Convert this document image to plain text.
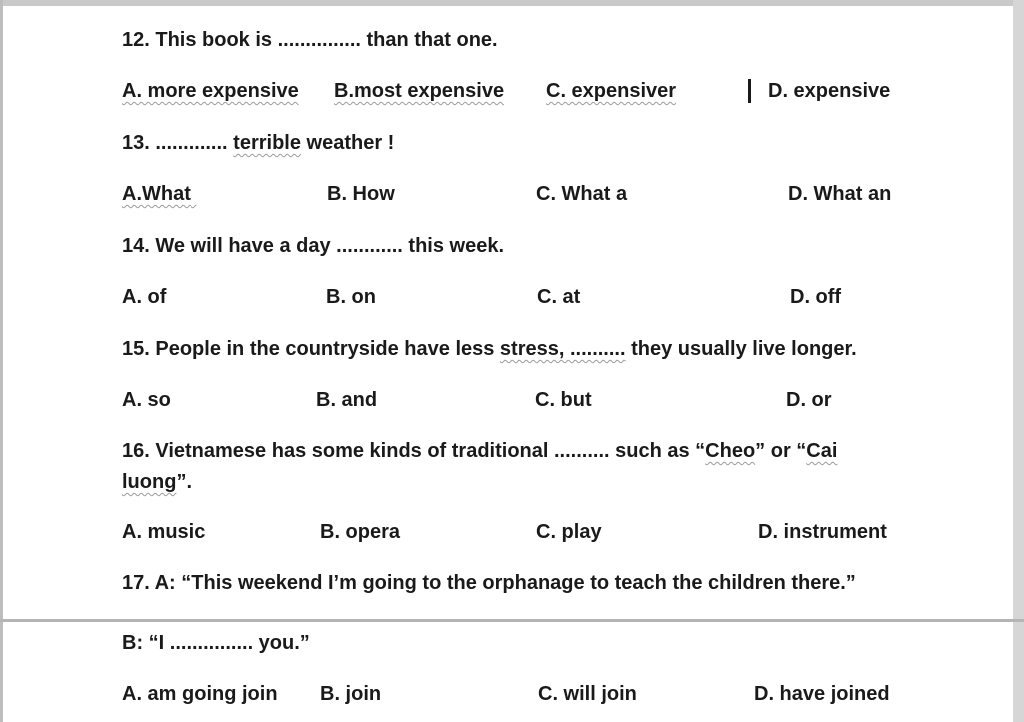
12. This book is ............... than that one.
A. more expensive B.most expensive C. expensiver	D. expensive
13. ............. terrible weather !
A.What	B. How	C. What a	D. What an
14. We will have a day ............ this week.
A. of	B. on	C. at	D. off
15. People in the countryside have less stress, .......... they usually live longer.
A. so	B. and	C. but	D. or
16. Vietnamese has some kinds of traditional .......... such as “Cheo” or “Cai luong”.
A. music	B. opera	C. play	D. instrument
17. A: “This weekend I’m going to the orphanage to teach the children there.”
B: “I ............... you.”
A. am going join B. join	C. will join	D. have joined
